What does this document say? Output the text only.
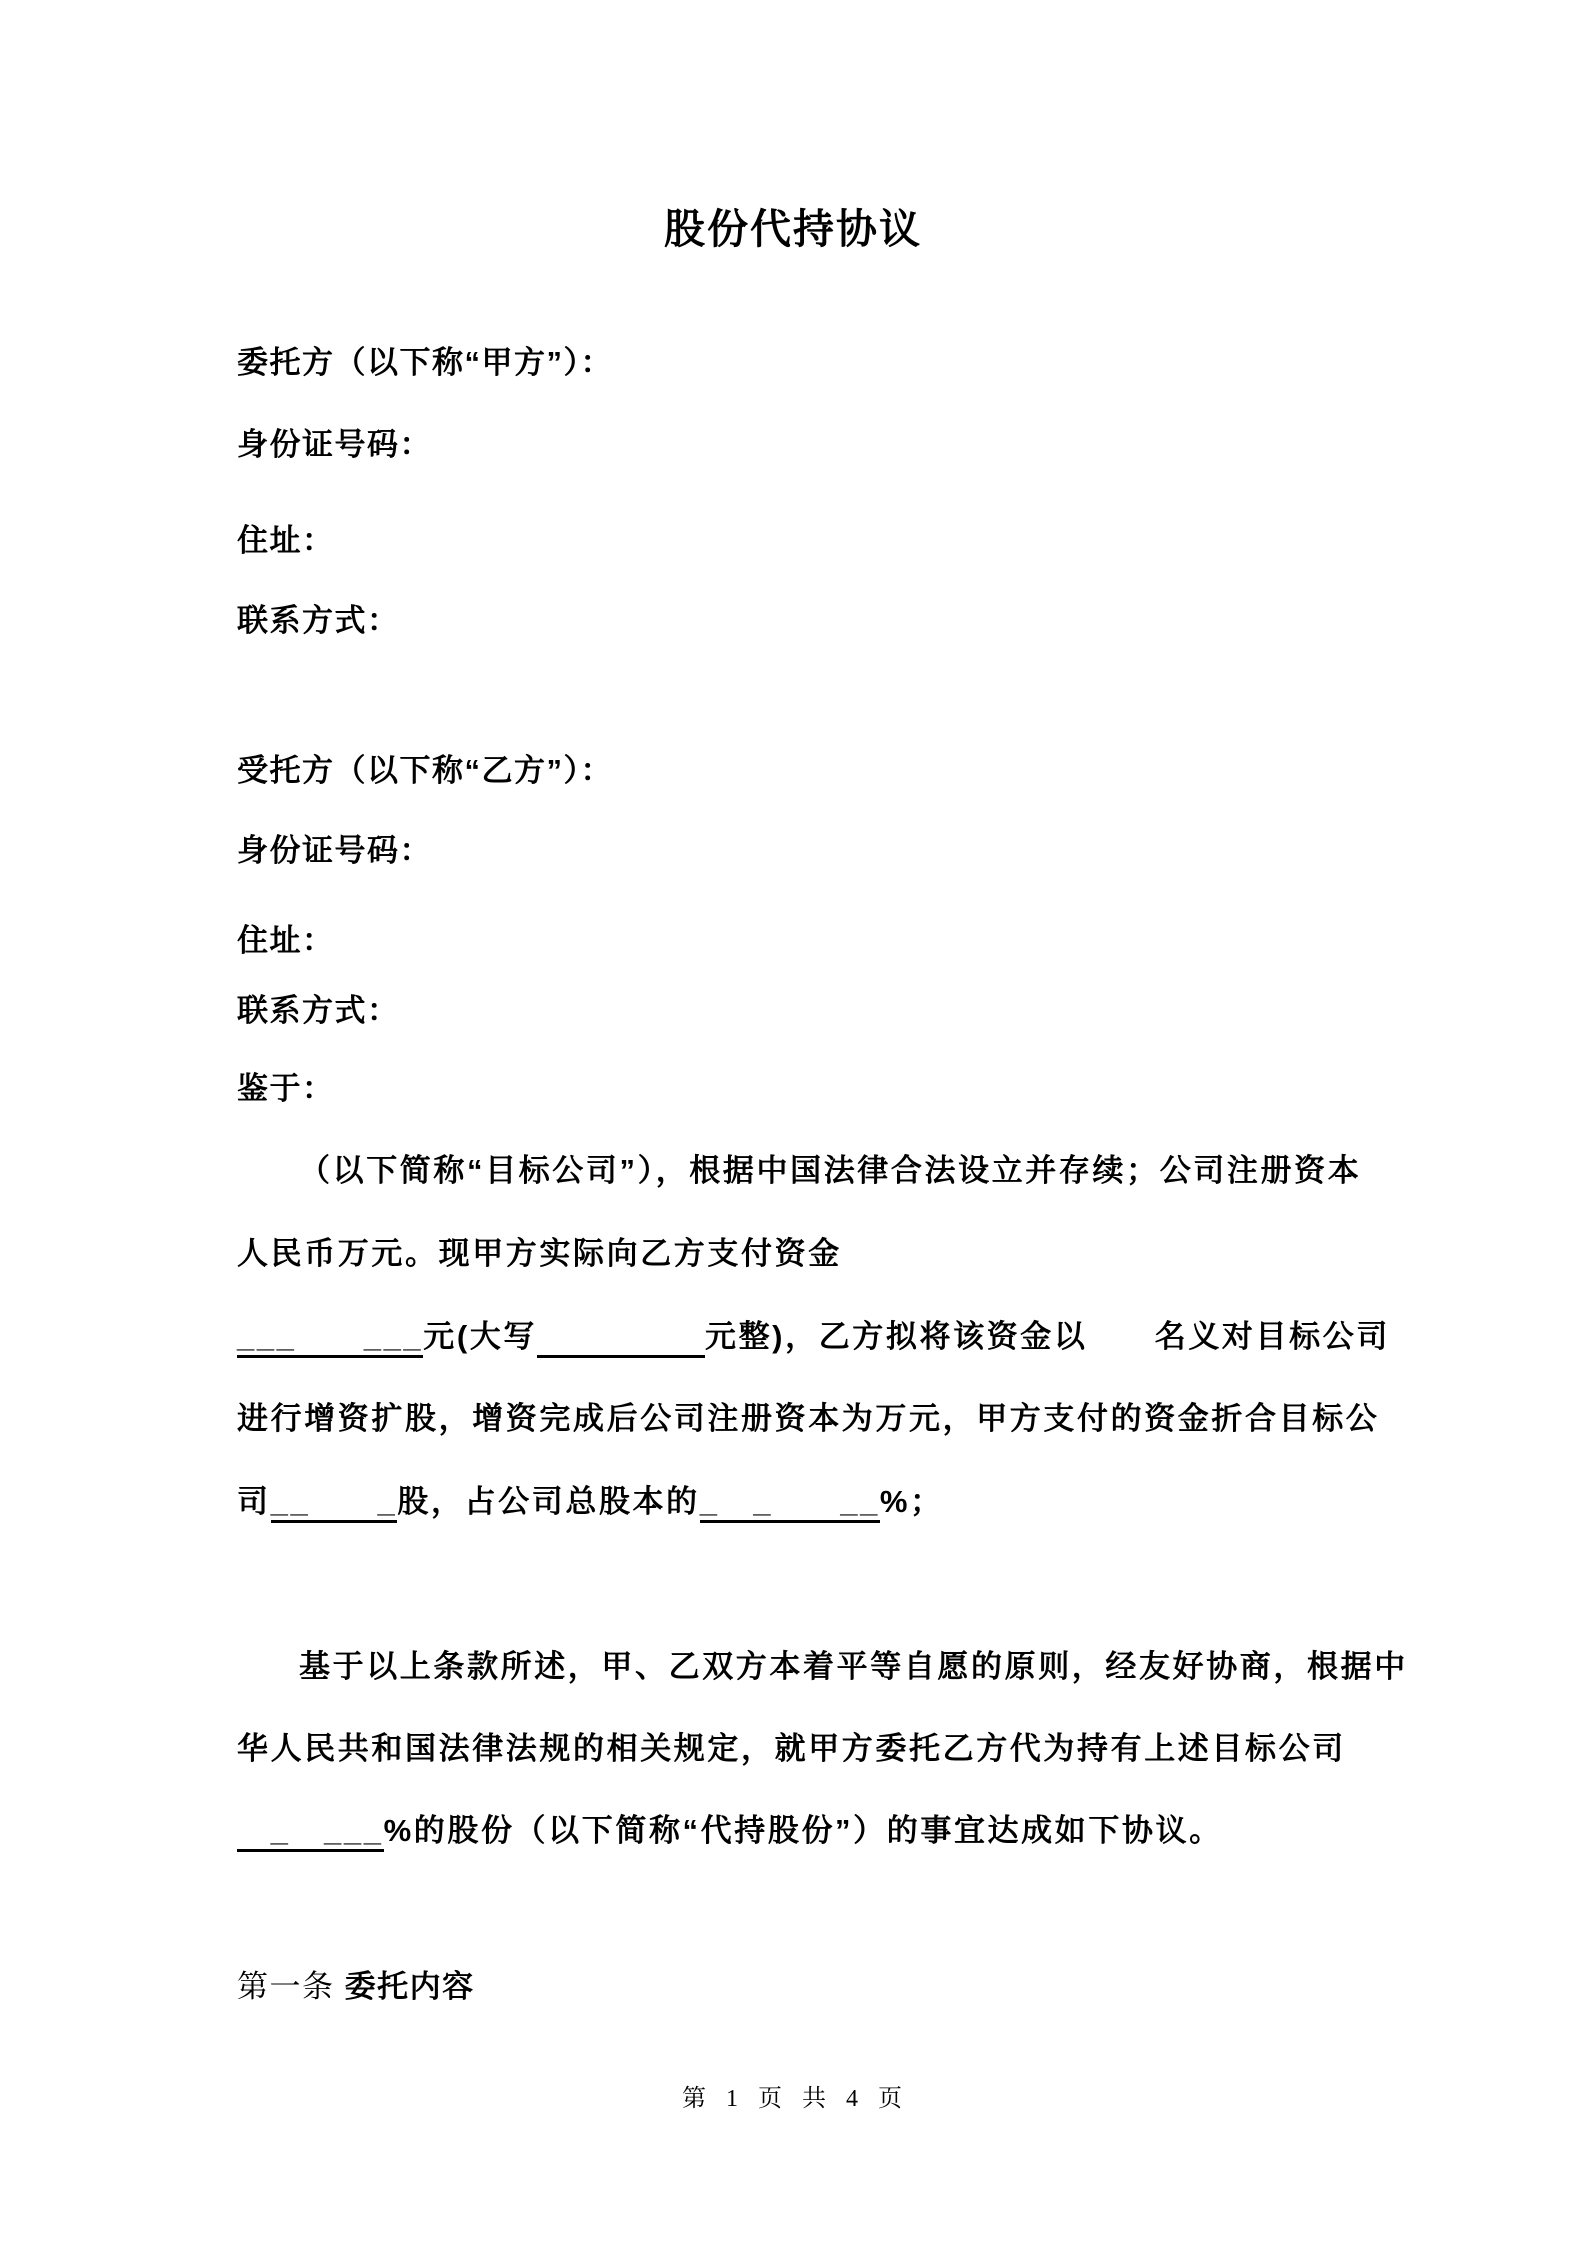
股份代持协议
委托方（以下称“甲方”）：
身份证号码：
住址：
联系方式：
受托方（以下称“乙方”）：
身份证号码：
住址：
联系方式：
鉴于：
（以下简称“目标公司”），根据中国法律合法设立并存续；公司注册资本
人民币万元。现甲方实际向乙方支付资金
___　　___元(大写　　　　　	元整)，乙方拟将该资金以　　 名义对目标公司
进行增资扩股，增资完成后公司注册资本为万元，甲方支付的资金折合目标公
司__　　_股，占公司总股本的_　_　　__%；
基于以上条款所述，甲、乙双方本着平等自愿的原则，经友好协商，根据中
华人民共和国法律法规的相关规定，就甲方委托乙方代为持有上述目标公司
　_　___%的股份（以下简称“代持股份”）的事宜达成如下协议。
第一条 委托内容
第 1 页 共 4 页
